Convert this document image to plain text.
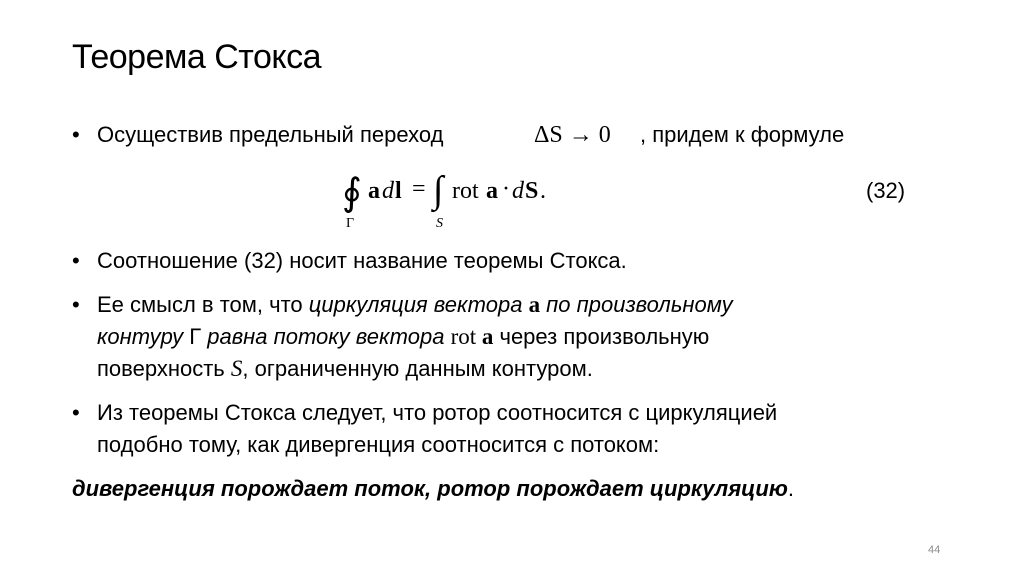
Теорема Стокса
• Осуществив предельный переход	ΔS → 0 , придем к формуле
∮ a d l = ∫ rot a · d S .
Γ	S
(32)
• Соотношение (32) носит название теоремы Стокса.
• Ее смысл в том, что циркуляция вектора a по произвольному
контуру Г равна потоку вектора rot a через произвольную
поверхность S, ограниченную данным контуром.
• Из теоремы Стокса следует, что ротор соотносится с циркуляцией
подобно тому, как дивергенция соотносится с потоком:
дивергенция порождает поток, ротор порождает циркуляцию.
44
